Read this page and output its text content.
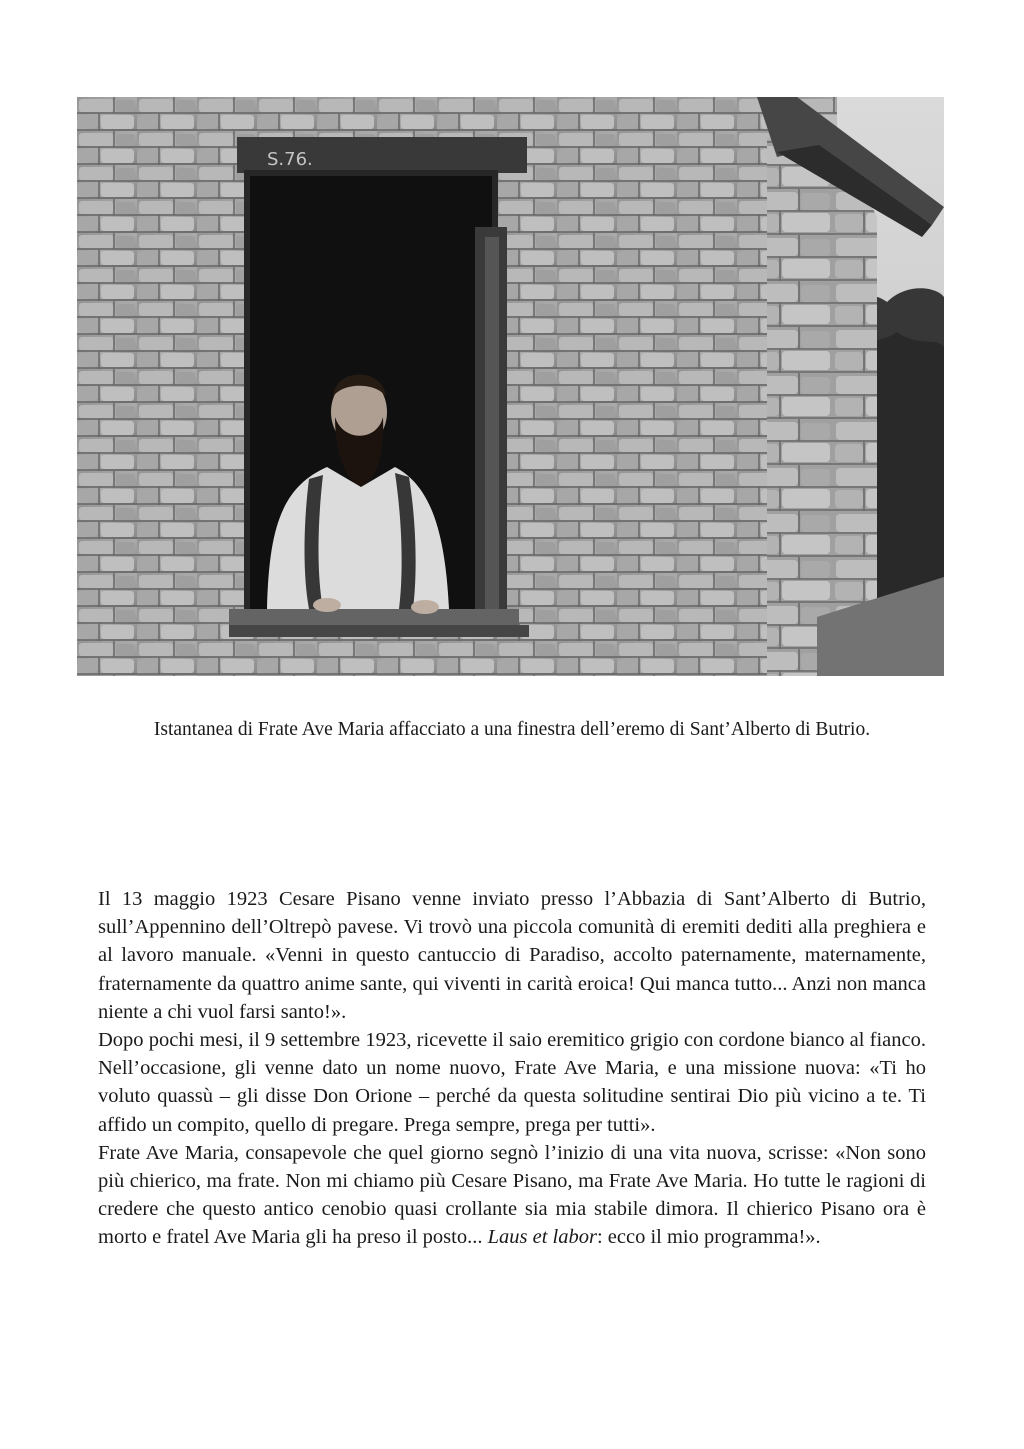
S.76.
Istantanea di Frate Ave Maria affacciato a una finestra dell’eremo di Sant’Alberto di Butrio.

Il 13 maggio 1923 Cesare Pisano venne inviato presso l’Abbazia di Sant’Alberto di Butrio, sull’Appennino dell’Oltrepò pavese. Vi trovò una piccola comunità di eremiti dediti alla preghiera e al lavoro manuale. «Venni in questo cantuccio di Paradiso, accolto paternamente, maternamente, fraternamente da quattro anime sante, qui viventi in carità eroica! Qui manca tutto... Anzi non manca niente a chi vuol farsi santo!».

Dopo pochi mesi, il 9 settembre 1923, ricevette il saio eremitico grigio con cordone bianco al fianco. Nell’occasione, gli venne dato un nome nuovo, Frate Ave Maria, e una missione nuova: «Ti ho voluto quassù – gli disse Don Orione – perché da questa solitudine sentirai Dio più vicino a te. Ti affido un compito, quello di pregare. Prega sempre, prega per tutti».

Frate Ave Maria, consapevole che quel giorno segnò l’inizio di una vita nuova, scrisse: «Non sono più chierico, ma frate. Non mi chiamo più Cesare Pisano, ma Frate Ave Maria. Ho tutte le ragioni di credere che questo antico cenobio quasi crollante sia mia stabile dimora. Il chierico Pisano ora è morto e fratel Ave Maria gli ha preso il posto... Laus et labor: ecco il mio programma!».
